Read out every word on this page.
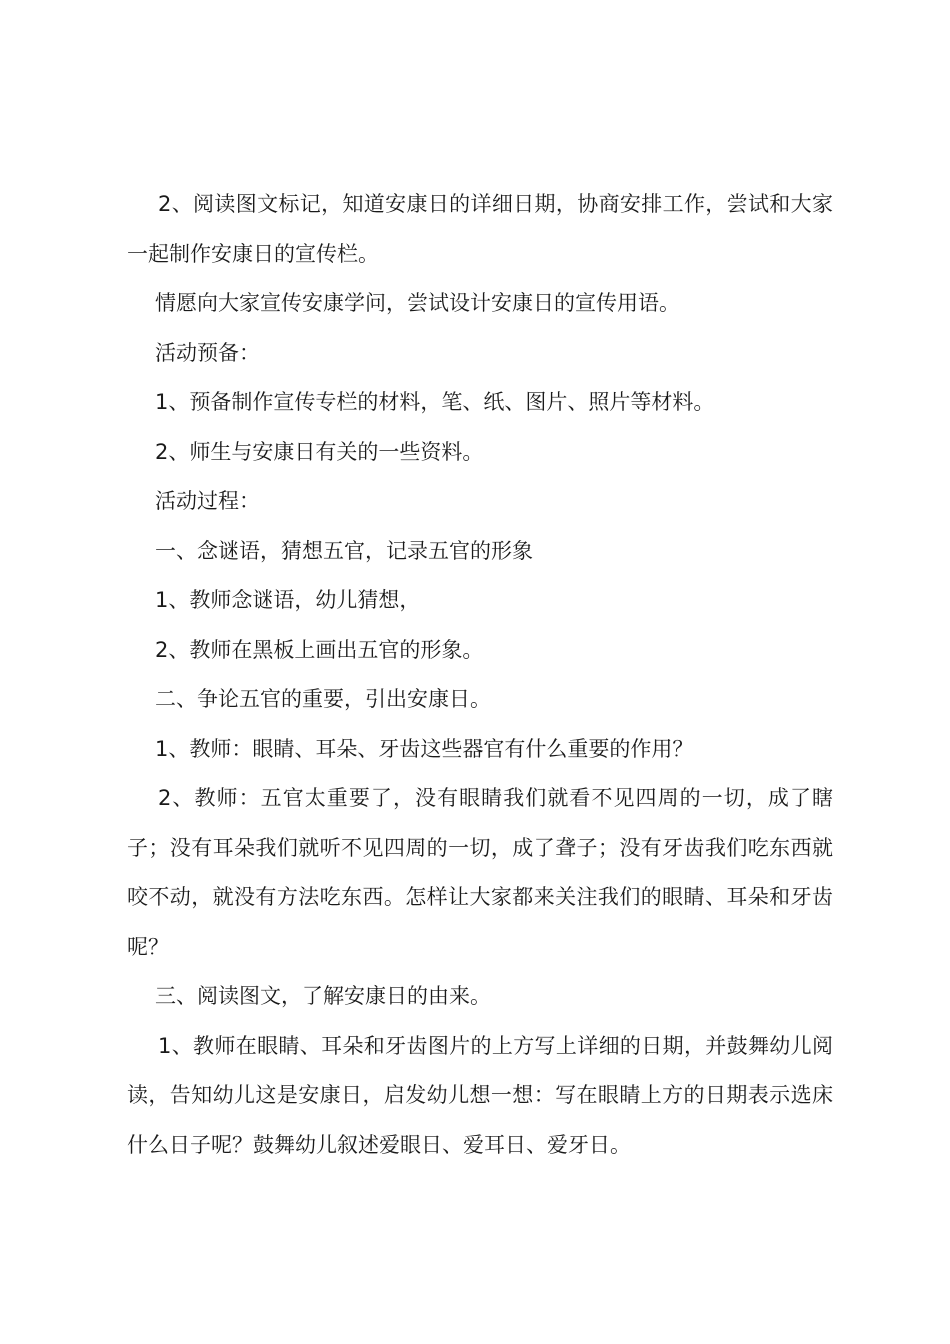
2、阅读图文标记，知道安康日的详细日期，协商安排工作，尝试和大家一起制作安康日的宣传栏。

情愿向大家宣传安康学问，尝试设计安康日的宣传用语。

活动预备：

1、预备制作宣传专栏的材料，笔、纸、图片、照片等材料。

2、师生与安康日有关的一些资料。

活动过程：

一、念谜语，猜想五官，记录五官的形象

1、教师念谜语，幼儿猜想，

2、教师在黑板上画出五官的形象。

二、争论五官的重要，引出安康日。

1、教师：眼睛、耳朵、牙齿这些器官有什么重要的作用？

2、教师：五官太重要了，没有眼睛我们就看不见四周的一切，成了瞎子；没有耳朵我们就听不见四周的一切，成了聋子；没有牙齿我们吃东西就咬不动，就没有方法吃东西。怎样让大家都来关注我们的眼睛、耳朵和牙齿呢？

三、阅读图文，了解安康日的由来。

1、教师在眼睛、耳朵和牙齿图片的上方写上详细的日期，并鼓舞幼儿阅读，告知幼儿这是安康日，启发幼儿想一想：写在眼睛上方的日期表示选床什么日子呢？鼓舞幼儿叙述爱眼日、爱耳日、爱牙日。
